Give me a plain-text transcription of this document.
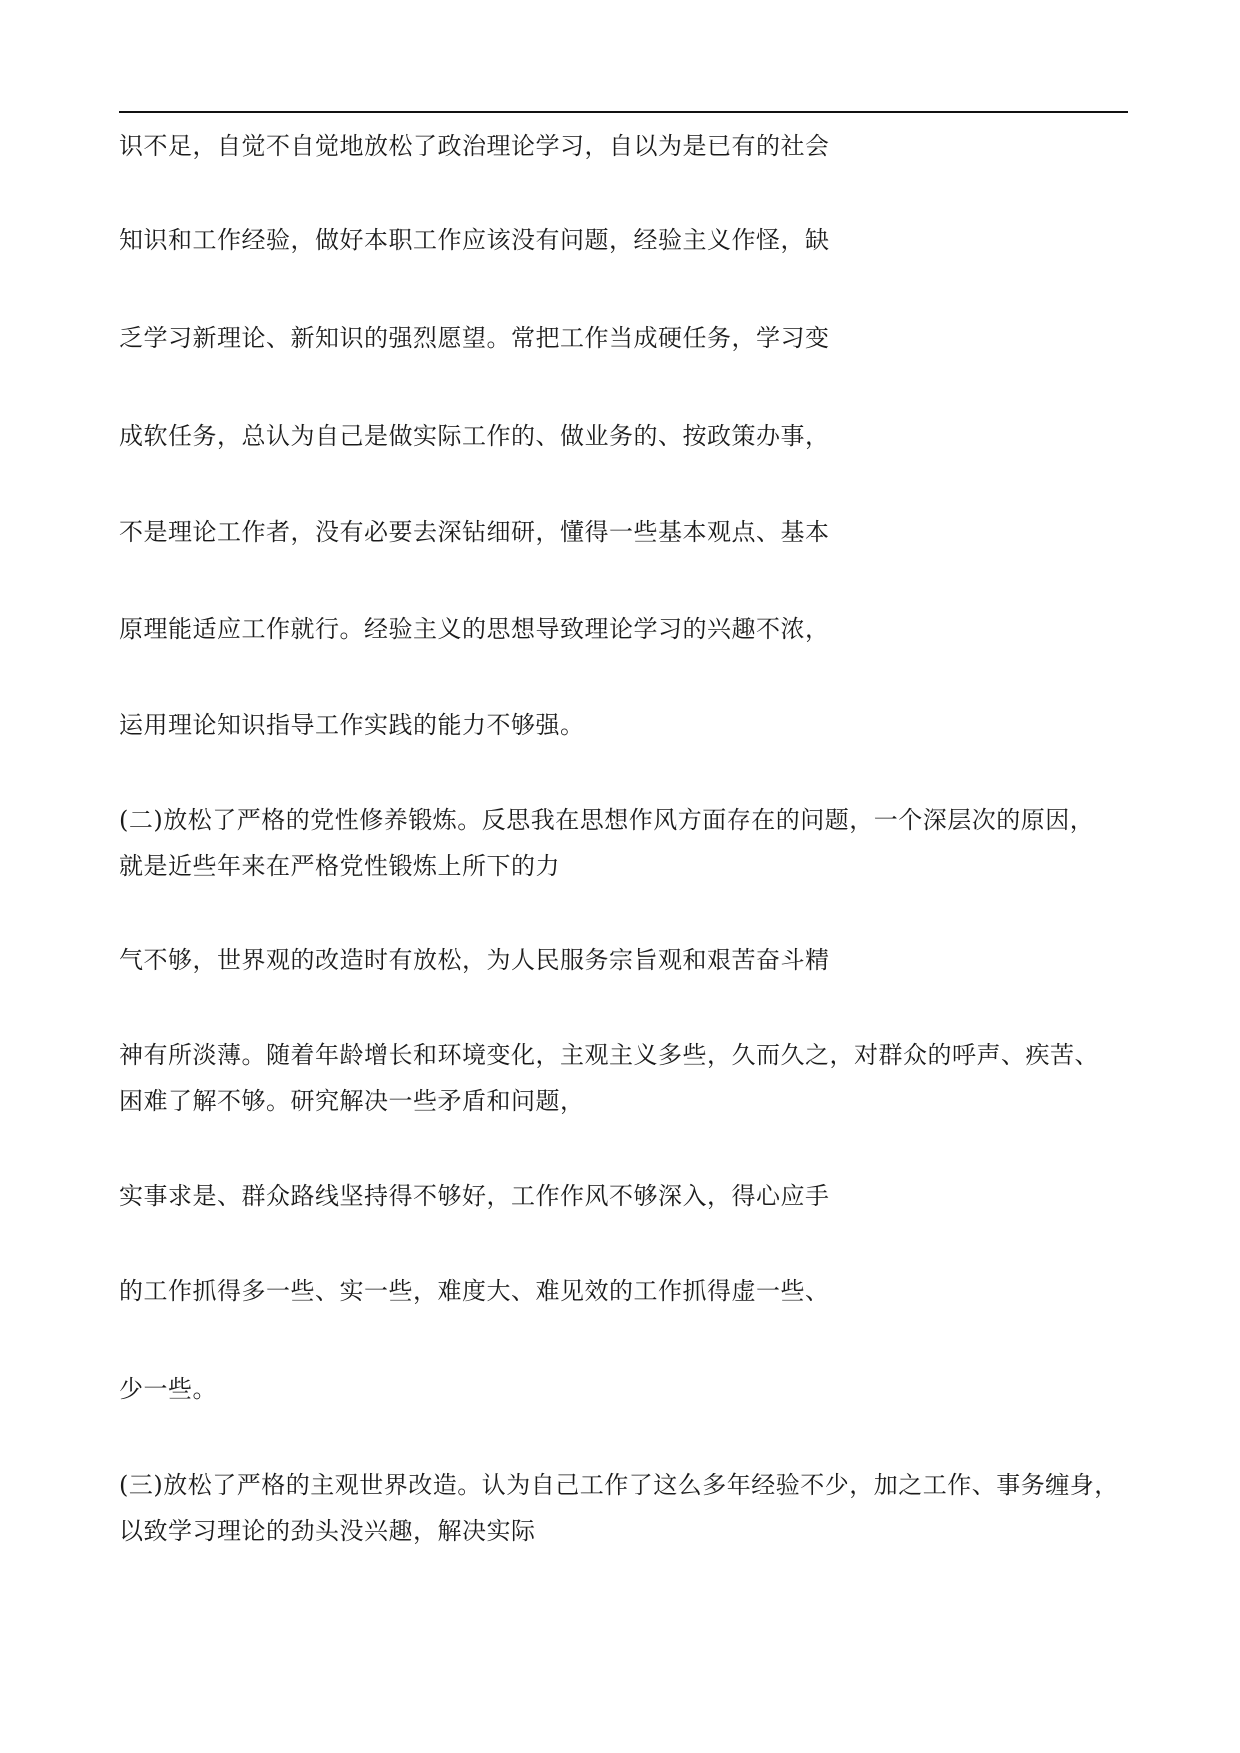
识不足，自觉不自觉地放松了政治理论学习，自以为是已有的社会

知识和工作经验，做好本职工作应该没有问题，经验主义作怪，缺

乏学习新理论、新知识的强烈愿望。常把工作当成硬任务，学习变

成软任务，总认为自己是做实际工作的、做业务的、按政策办事，

不是理论工作者，没有必要去深钻细研，懂得一些基本观点、基本

原理能适应工作就行。经验主义的思想导致理论学习的兴趣不浓，

运用理论知识指导工作实践的能力不够强。

(二)放松了严格的党性修养锻炼。反思我在思想作风方面存在的问题，一个深层次的原因，

就是近些年来在严格党性锻炼上所下的力

气不够，世界观的改造时有放松，为人民服务宗旨观和艰苦奋斗精

神有所淡薄。随着年龄增长和环境变化，主观主义多些，久而久之，对群众的呼声、疾苦、

困难了解不够。研究解决一些矛盾和问题，

实事求是、群众路线坚持得不够好，工作作风不够深入，得心应手

的工作抓得多一些、实一些，难度大、难见效的工作抓得虚一些、

少一些。

(三)放松了严格的主观世界改造。认为自己工作了这么多年经验不少，加之工作、事务缠身，

以致学习理论的劲头没兴趣，解决实际
